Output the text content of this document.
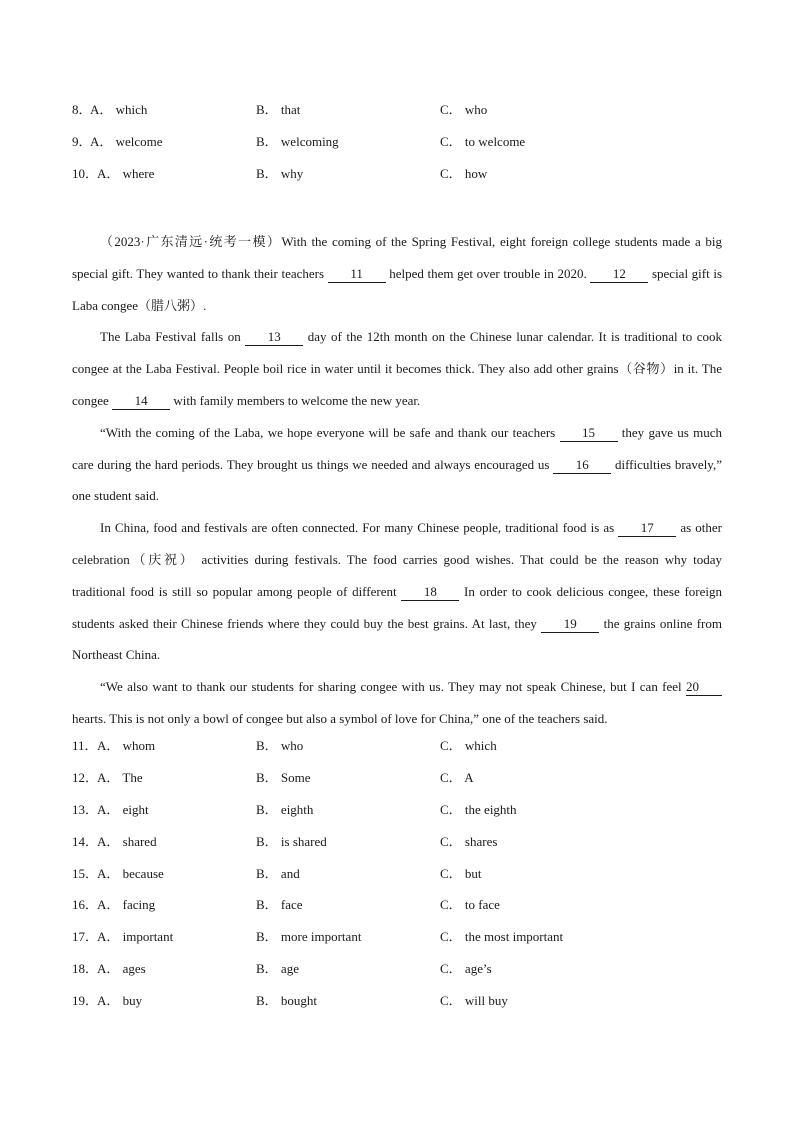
8．
A． which	B． that	C． who
9．
A． welcome	B． welcoming	C． to welcome
10．
A． where	B． why	C． how

（2023·广东清远·统考一模）With the coming of the Spring Festival, eight foreign college students made a big special gift. They wanted to thank their teachers 11 helped them get over trouble in 2020. 12 special gift is Laba congee（腊八粥）.

The Laba Festival falls on 13 day of the 12th month on the Chinese lunar calendar. It is traditional to cook congee at the Laba Festival. People boil rice in water until it becomes thick. They also add other grains（谷物）in it. The congee 14 with family members to welcome the new year.

“With the coming of the Laba, we hope everyone will be safe and thank our teachers 15 they gave us much care during the hard periods. They brought us things we needed and always encouraged us 16 difficulties bravely,” one student said.

In China, food and festivals are often connected. For many Chinese people, traditional food is as 17 as other celebration（庆祝） activities during festivals. The food carries good wishes. That could be the reason why today traditional food is still so popular among people of different 18 In order to cook delicious congee, these foreign students asked their Chinese friends where they could buy the best grains. At last, they 19 the grains online from Northeast China.

“We also want to thank our students for sharing congee with us. They may not speak Chinese, but I can feel 20 hearts. This is not only a bowl of congee but also a symbol of love for China,” one of the teachers said.

11． A． whom	B． who	C． which
12．
A． The	B． Some	C． A
13．
A． eight	B． eighth	C． the eighth
14．
A． shared	B． is shared	C． shares
15．
A． because	B． and	C． but
16．
A． facing	B． face	C． to face
17．
A． important	B． more important	C． the most important
18．
A． ages	B． age	C． age’s
19．
A． buy	B． bought	C． will buy
